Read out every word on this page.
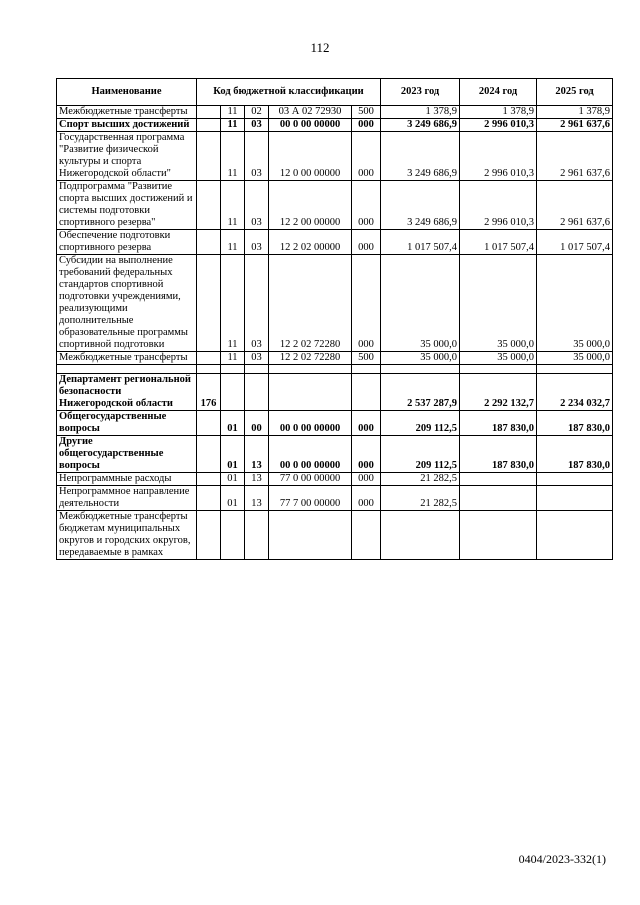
112
Наименование	Код бюджетной классификации					2023 год	2024 год	2025 год
Межбюджетные трансферты		11	02	03 А 02 72930	500	1 378,9	1 378,9	1 378,9
Спорт высших достижений		11	03	00 0 00 00000	000	3 249 686,9	2 996 010,3	2 961 637,6
Государственная программа "Развитие физической культуры и спорта Нижегородской области"		11	03	12 0 00 00000	000	3 249 686,9	2 996 010,3	2 961 637,6
Подпрограмма "Развитие спорта высших достижений и системы подготовки спортивного резерва"		11	03	12 2 00 00000	000	3 249 686,9	2 996 010,3	2 961 637,6
Обеспечение подготовки спортивного резерва		11	03	12 2 02 00000	000	1 017 507,4	1 017 507,4	1 017 507,4
Субсидии на выполнение требований федеральных стандартов спортивной подготовки учреждениями, реализующими дополнительные образовательные программы спортивной подготовки		11	03	12 2 02 72280	000	35 000,0	35 000,0	35 000,0
Межбюджетные трансферты		11	03	12 2 02 72280	500	35 000,0	35 000,0	35 000,0

Департамент региональной безопасности Нижегородской области	176					2 537 287,9	2 292 132,7	2 234 032,7
Общегосударственные вопросы		01	00	00 0 00 00000	000	209 112,5	187 830,0	187 830,0
Другие общегосударственные вопросы		01	13	00 0 00 00000	000	209 112,5	187 830,0	187 830,0
Непрограммные расходы		01	13	77 0 00 00000	000	21 282,5		
Непрограммное направление деятельности		01	13	77 7 00 00000	000	21 282,5		
Межбюджетные трансферты бюджетам муниципальных округов и городских округов, передаваемые в рамках								
0404/2023-332(1)
